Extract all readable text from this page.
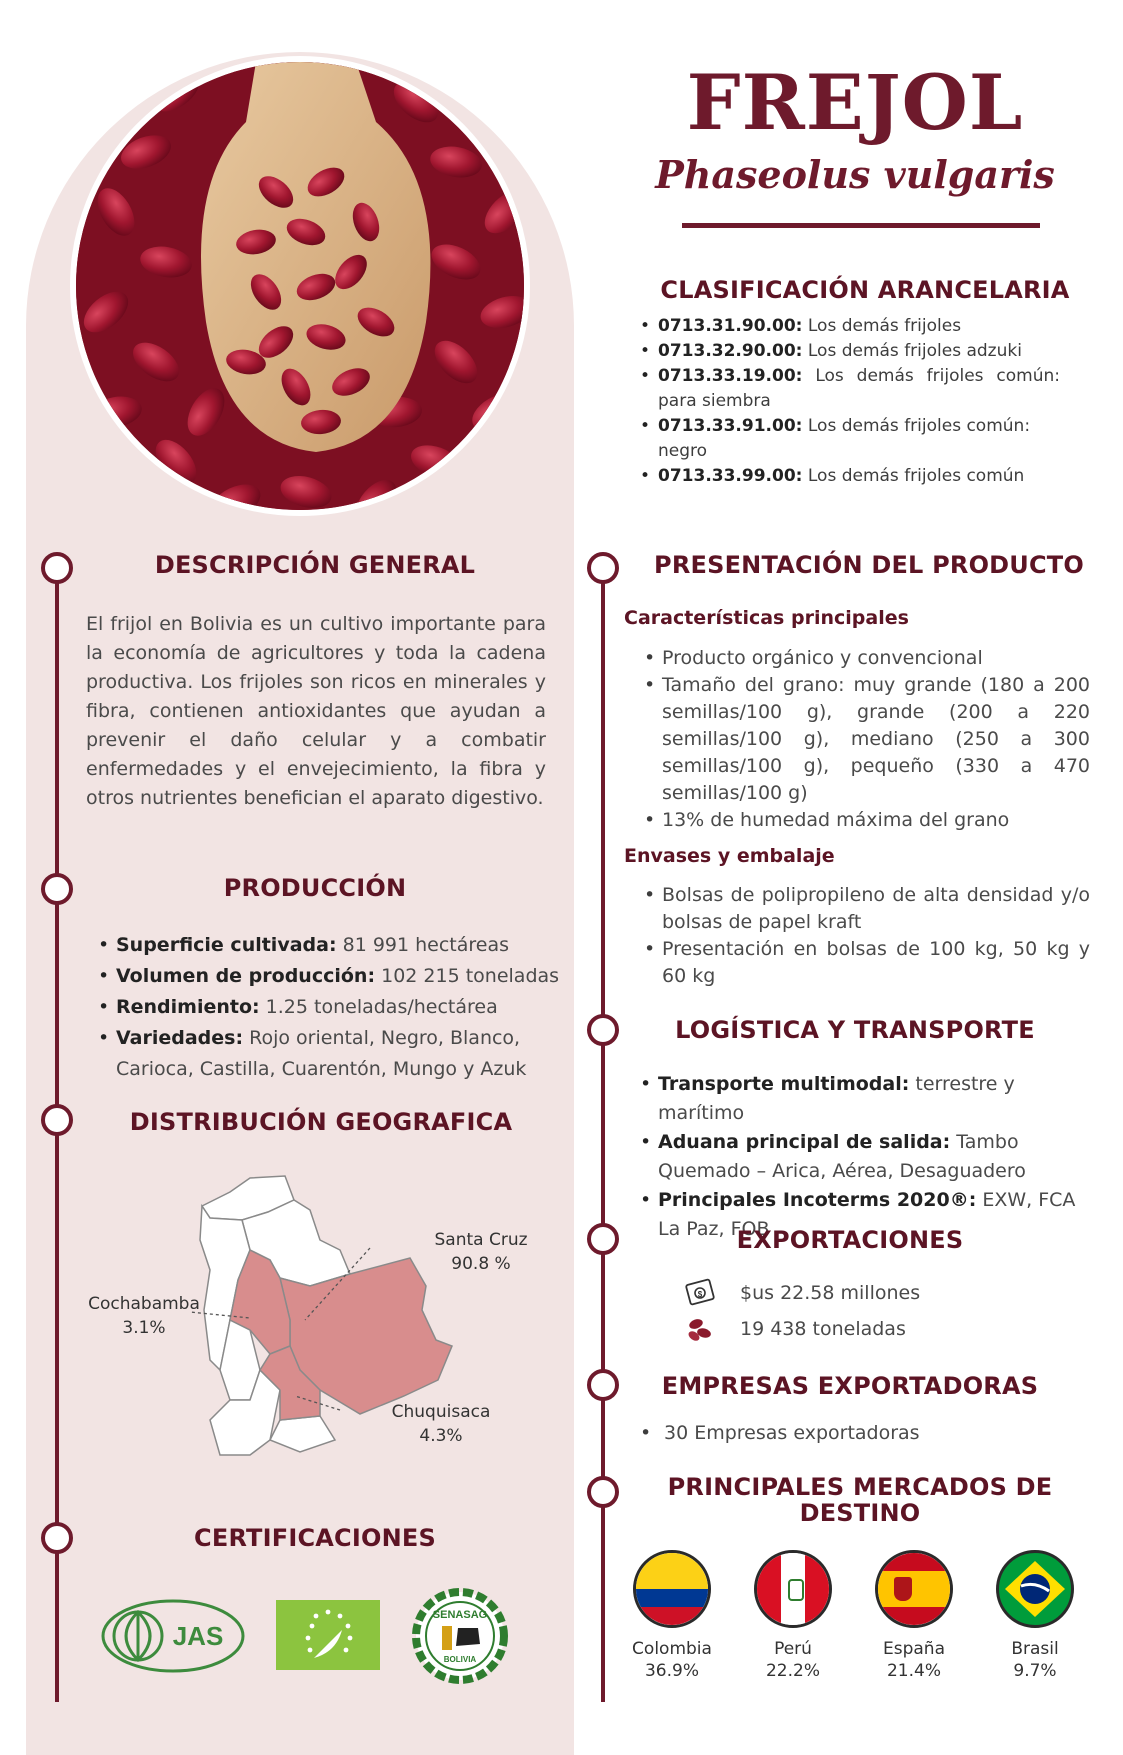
FREJOL
Phaseolus vulgaris
CLASIFICACIÓN ARANCELARIA
• 0713.31.90.00: Los demás frijoles
• 0713.32.90.00: Los demás frijoles adzuki
• 0713.33.19.00: Los demás frijoles común: para siembra
• 0713.33.91.00: Los demás frijoles común: negro
• 0713.33.99.00: Los demás frijoles común
DESCRIPCIÓN GENERAL
El frijol en Bolivia es un cultivo importante para la economía de agricultores y toda la cadena productiva. Los frijoles son ricos en minerales y fibra, contienen antioxidantes que ayudan a prevenir el daño celular y a combatir enfermedades y el envejecimiento, la fibra y otros nutrientes benefician el aparato digestivo.
PRODUCCIÓN
• Superficie cultivada: 81 991 hectáreas
• Volumen de producción: 102 215 toneladas
• Rendimiento: 1.25 toneladas/hectárea
• Variedades: Rojo oriental, Negro, Blanco, Carioca, Castilla, Cuarentón, Mungo y Azuk
DISTRIBUCIÓN GEOGRAFICA
Santa Cruz
90.8 %
Cochabamba
3.1%
Chuquisaca
4.3%
CERTIFICACIONES
JAS
SENASAG
BOLIVIA
PRESENTACIÓN DEL PRODUCTO
Características principales
• Producto orgánico y convencional
• Tamaño del grano: muy grande (180 a 200 semillas/100 g), grande (200 a 220 semillas/100 g), mediano (250 a 300 semillas/100 g), pequeño (330 a 470 semillas/100 g)
• 13% de humedad máxima del grano
Envases y embalaje
• Bolsas de polipropileno de alta densidad y/o bolsas de papel kraft
• Presentación en bolsas de 100 kg, 50 kg y 60 kg
LOGÍSTICA Y TRANSPORTE
• Transporte multimodal: terrestre y marítimo
• Aduana principal de salida: Tambo Quemado – Arica, Aérea, Desaguadero
• Principales Incoterms 2020®: EXW, FCA La Paz, FOB
EXPORTACIONES
$ $us 22.58 millones
19 438 toneladas
EMPRESAS EXPORTADORAS
• 30 Empresas exportadoras
PRINCIPALES MERCADOS DE
DESTINO
Colombia
36.9%
Perú
22.2%
España
21.4%
Brasil
9.7%
